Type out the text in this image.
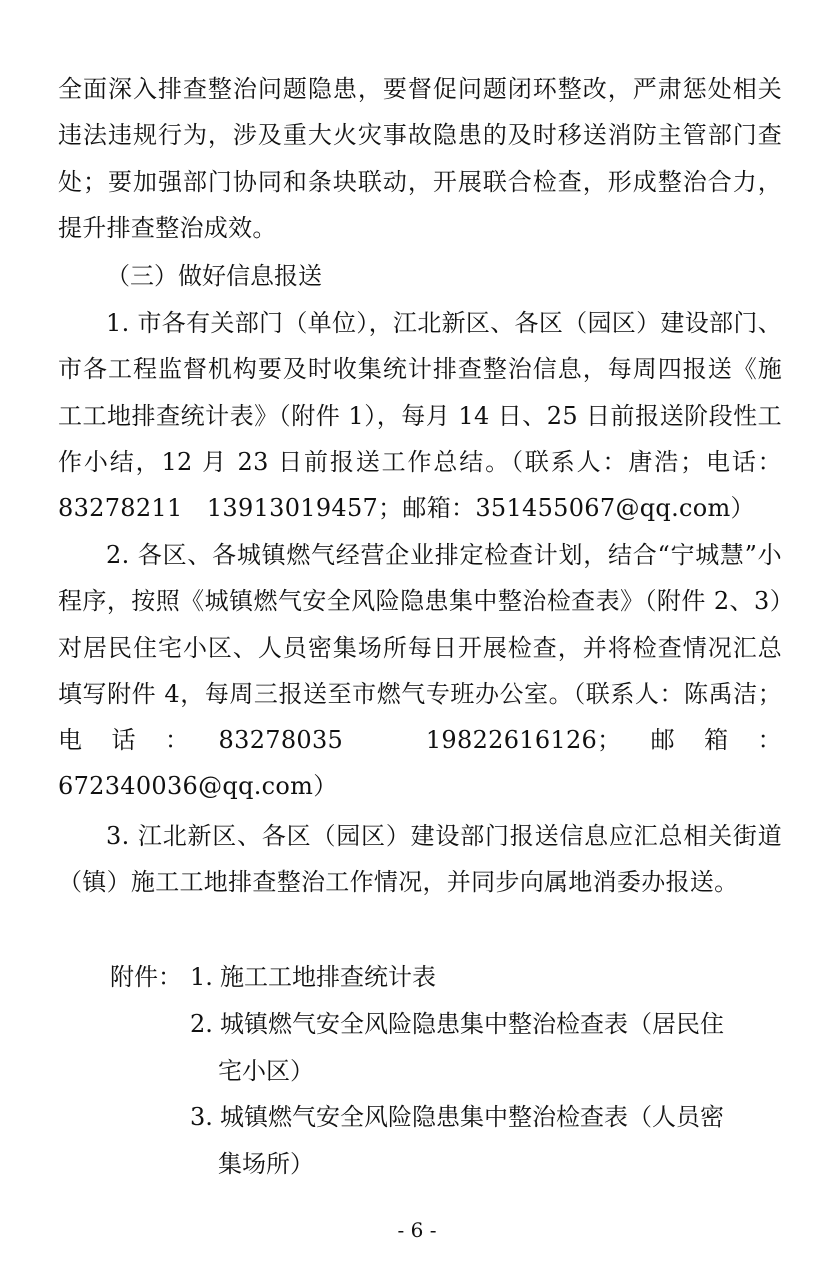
全面深入排查整治问题隐患，要督促问题闭环整改，严肃惩处相关违法违规行为，涉及重大火灾事故隐患的及时移送消防主管部门查处；要加强部门协同和条块联动，开展联合检查，形成整治合力，提升排查整治成效。

（三）做好信息报送

1. 市各有关部门（单位），江北新区、各区（园区）建设部门、市各工程监督机构要及时收集统计排查整治信息，每周四报送《施工工地排查统计表》（附件 1），每月 14 日、25 日前报送阶段性工作小结，12 月 23 日前报送工作总结。（联系人：唐浩；电话：83278211　13913019457；邮箱：351455067@qq.com）

2. 各区、各城镇燃气经营企业排定检查计划，结合“宁城慧”小程序，按照《城镇燃气安全风险隐患集中整治检查表》（附件 2、3）对居民住宅小区、人员密集场所每日开展检查，并将检查情况汇总填写附件 4，每周三报送至市燃气专班办公室。（联系人：陈禹洁；电话：83278035　19822616126；邮箱：672340036@qq.com）

3. 江北新区、各区（园区）建设部门报送信息应汇总相关街道（镇）施工工地排查整治工作情况，并同步向属地消委办报送。

附件： 1. 施工工地排查统计表

2. 城镇燃气安全风险隐患集中整治检查表（居民住
宅小区）

3. 城镇燃气安全风险隐患集中整治检查表（人员密
集场所）

- 6 -
